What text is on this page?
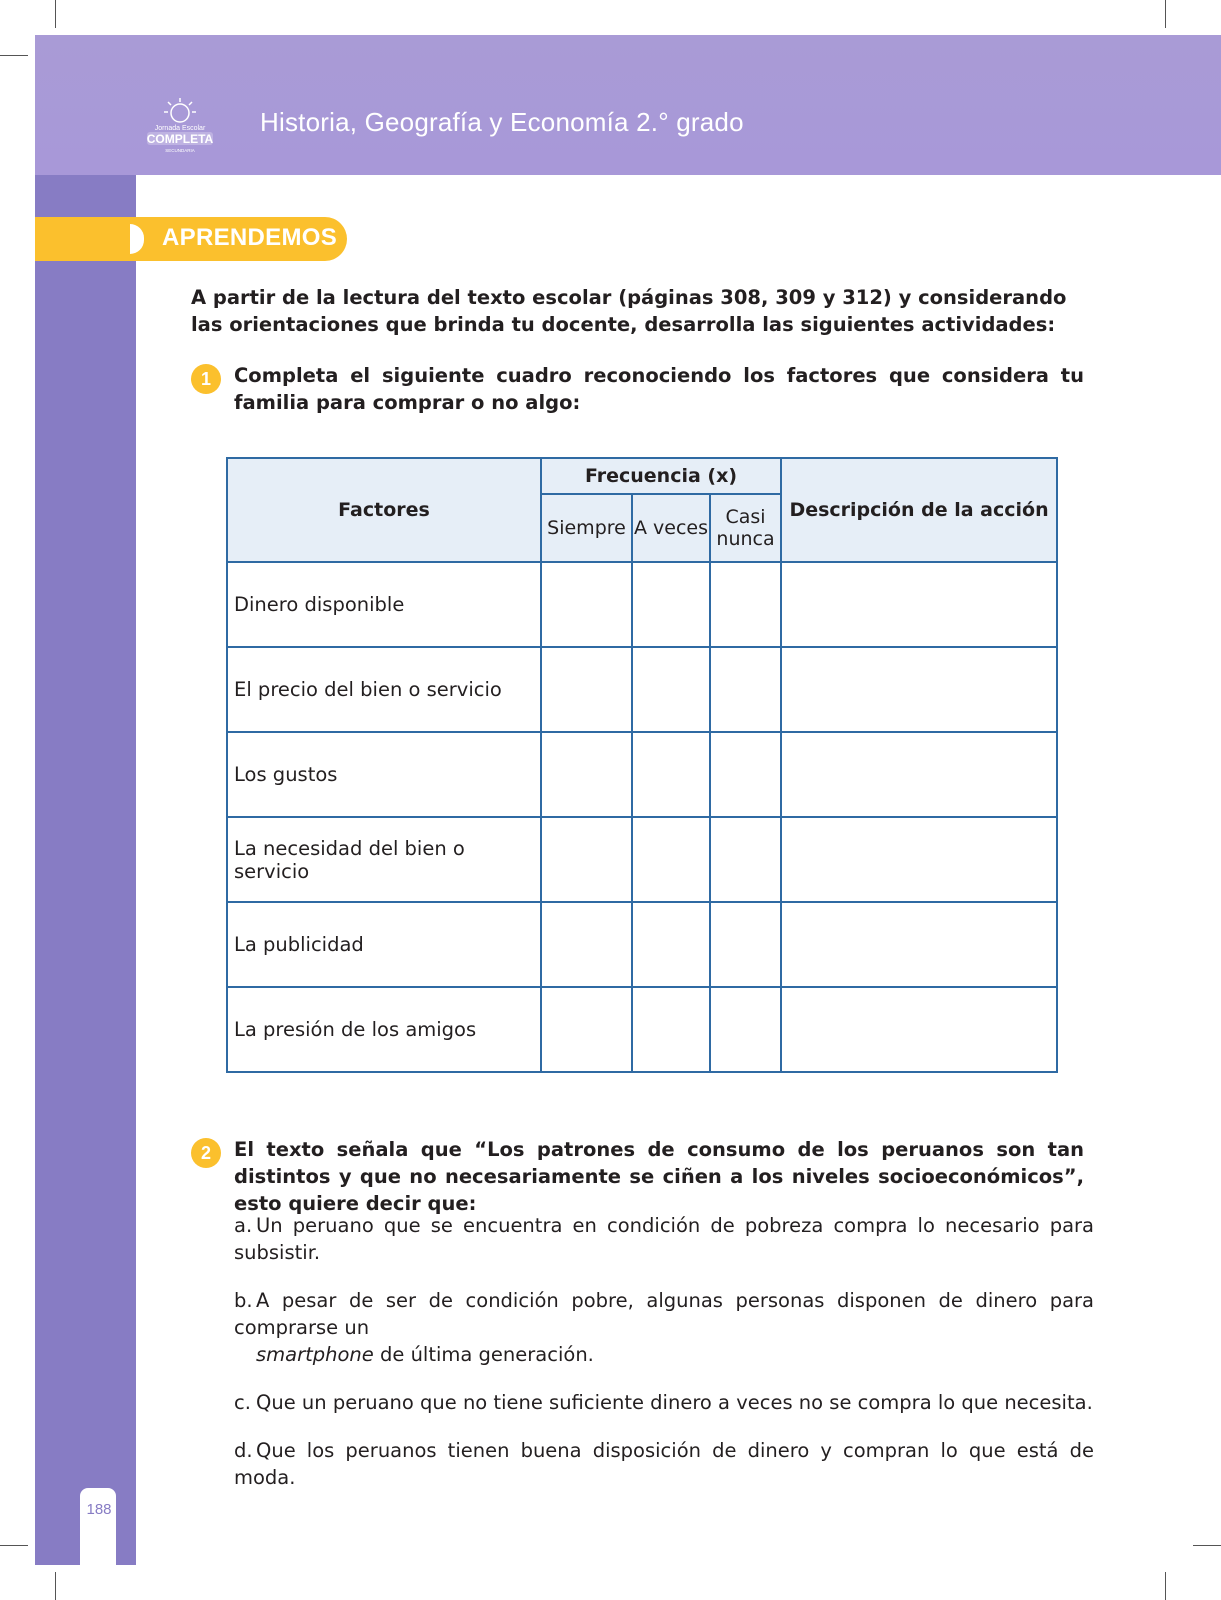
Jornada Escolar
COMPLETA
SECUNDARIA
Historia, Geografía y Economía 2.° grado
APRENDEMOS
A partir de la lectura del texto escolar (páginas 308, 309 y 312) y considerando las orientaciones que brinda tu docente, desarrolla las siguientes actividades:
1	Completa el siguiente cuadro reconociendo los factores que considera tu familia para comprar o no algo:
Factores	Frecuencia (x)			Descripción de la acción
	Siempre	A veces	Casi
nunca	
Dinero disponible				
El precio del bien o servicio				
Los gustos				
La necesidad del bien o servicio				
La publicidad				
La presión de los amigos				
2	El texto señala que “Los patrones de consumo de los peruanos son tan distintos y que no necesariamente se ciñen a los niveles socioeconómicos”, esto quiere decir que:
a. Un peruano que se encuentra en condición de pobreza compra lo necesario para subsistir.
b. A pesar de ser de condición pobre, algunas personas disponen de dinero para comprarse un
smartphone de última generación.
c. Que un peruano que no tiene suficiente dinero a veces no se compra lo que necesita.
d. Que los peruanos tienen buena disposición de dinero y compran lo que está de moda.
188
